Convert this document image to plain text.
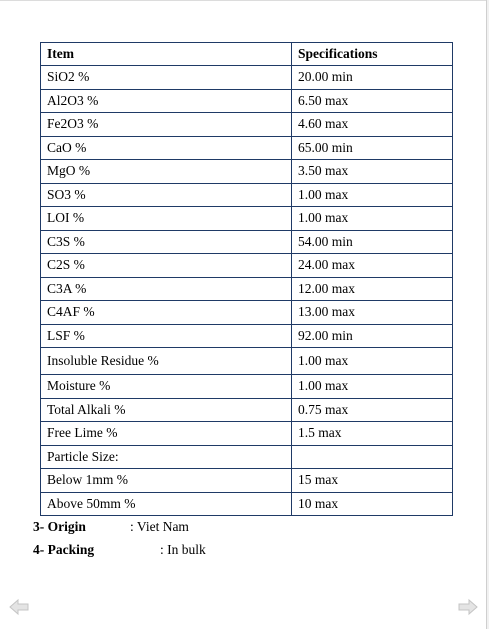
Item	Specifications
SiO2 %	20.00 min
Al2O3 %	6.50 max
Fe2O3 %	4.60 max
CaO %	65.00 min
MgO %	3.50 max
SO3 %	1.00 max
LOI %	1.00 max
C3S %	54.00 min
C2S %	24.00 max
C3A %	12.00 max
C4AF %	13.00 max
LSF %	92.00 min
Insoluble Residue %	1.00 max
Moisture %	1.00 max
Total Alkali %	0.75 max
Free Lime %	1.5 max
Particle Size:	
Below 1mm %	15 max
Above 50mm %	10 max
3- Origin	: Viet Nam
4- Packing	: In bulk
